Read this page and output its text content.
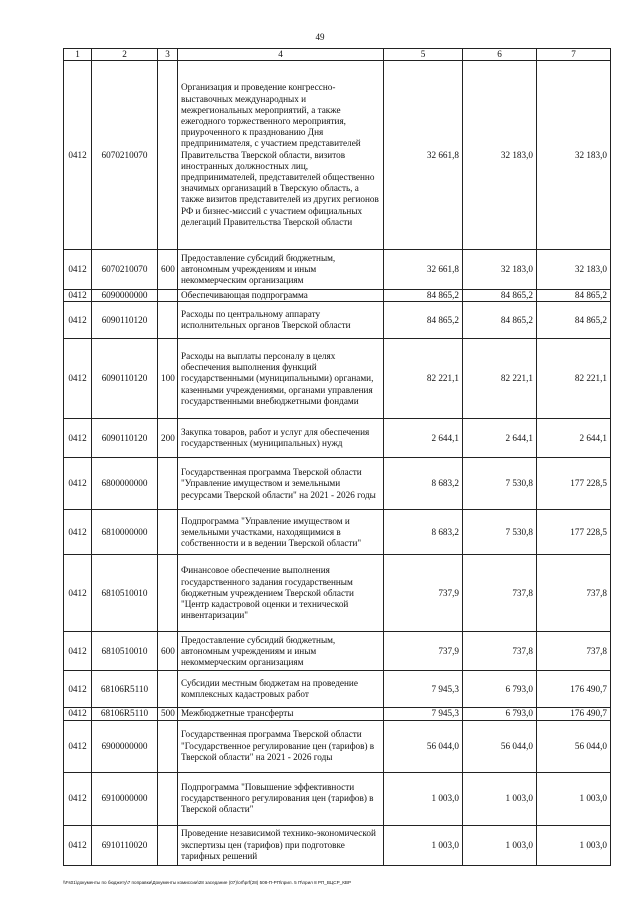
49
1	2	3	4	5	6	7
0412	6070210070		Организация и проведение конгрессно-выставочных международных и межрегиональных мероприятий, а также ежегодного торжественного мероприятия, приуроченного к празднованию Дня предпринимателя, с участием представителей Правительства Тверской области, визитов иностранных должностных лиц, предпринимателей, представителей общественно значимых организаций в Тверскую область, а также визитов представителей из других регионов РФ и бизнес-миссий с участием официальных делегаций Правительства Тверской области	32 661,8	32 183,0	32 183,0
0412	6070210070	600	Предоставление субсидий бюджетным, автономным учреждениям и иным некоммерческим организациям	32 661,8	32 183,0	32 183,0
0412	6090000000		Обеспечивающая подпрограмма	84 865,2	84 865,2	84 865,2
0412	6090110120		Расходы по центральному аппарату исполнительных органов Тверской области	84 865,2	84 865,2	84 865,2
0412	6090110120	100	Расходы на выплаты персоналу в целях обеспечения выполнения функций государственными (муниципальными) органами, казенными учреждениями, органами управления государственными внебюджетными фондами	82 221,1	82 221,1	82 221,1
0412	6090110120	200	Закупка товаров, работ и услуг для обеспечения государственных (муниципальных) нужд	2 644,1	2 644,1	2 644,1
0412	6800000000		Государственная программа Тверской области "Управление имуществом и земельными ресурсами Тверской области" на 2021 - 2026 годы	8 683,2	7 530,8	177 228,5
0412	6810000000		Подпрограмма "Управление имуществом и земельными участками, находящимися в собственности и в ведении Тверской области"	8 683,2	7 530,8	177 228,5
0412	6810510010		Финансовое обеспечение выполнения государственного задания государственным бюджетным учреждением Тверской области "Центр кадастровой оценки и технической инвентаризации"	737,9	737,8	737,8
0412	6810510010	600	Предоставление субсидий бюджетным, автономным учреждениям и иным некоммерческим организациям	737,9	737,8	737,8
0412	68106R5110		Субсидии местным бюджетам на проведение комплексных кадастровых работ	7 945,3	6 793,0	176 490,7
0412	68106R5110	500	Межбюджетные трансферты	7 945,3	6 793,0	176 490,7
0412	6900000000		Государственная программа Тверской области "Государственное регулирование цен (тарифов) в Тверской области" на 2021 - 2026 годы	56 044,0	56 044,0	56 044,0
0412	6910000000		Подпрограмма "Повышение эффективности государственного регулирования цен (тарифов) в Тверской области"	1 003,0	1 003,0	1 003,0
0412	6910110020		Проведение независимой технико-экономической экспертизы цен (тарифов) при подготовке тарифных решений	1 003,0	1 003,0	1 003,0
\\Fs01\документы по бюджету\7 поправки\Документы комиссии\28 заседание (07)\orf\prf(28) 508-П-РП\прил. 5 П\прил 8 РП_ВЦСР_КВР
